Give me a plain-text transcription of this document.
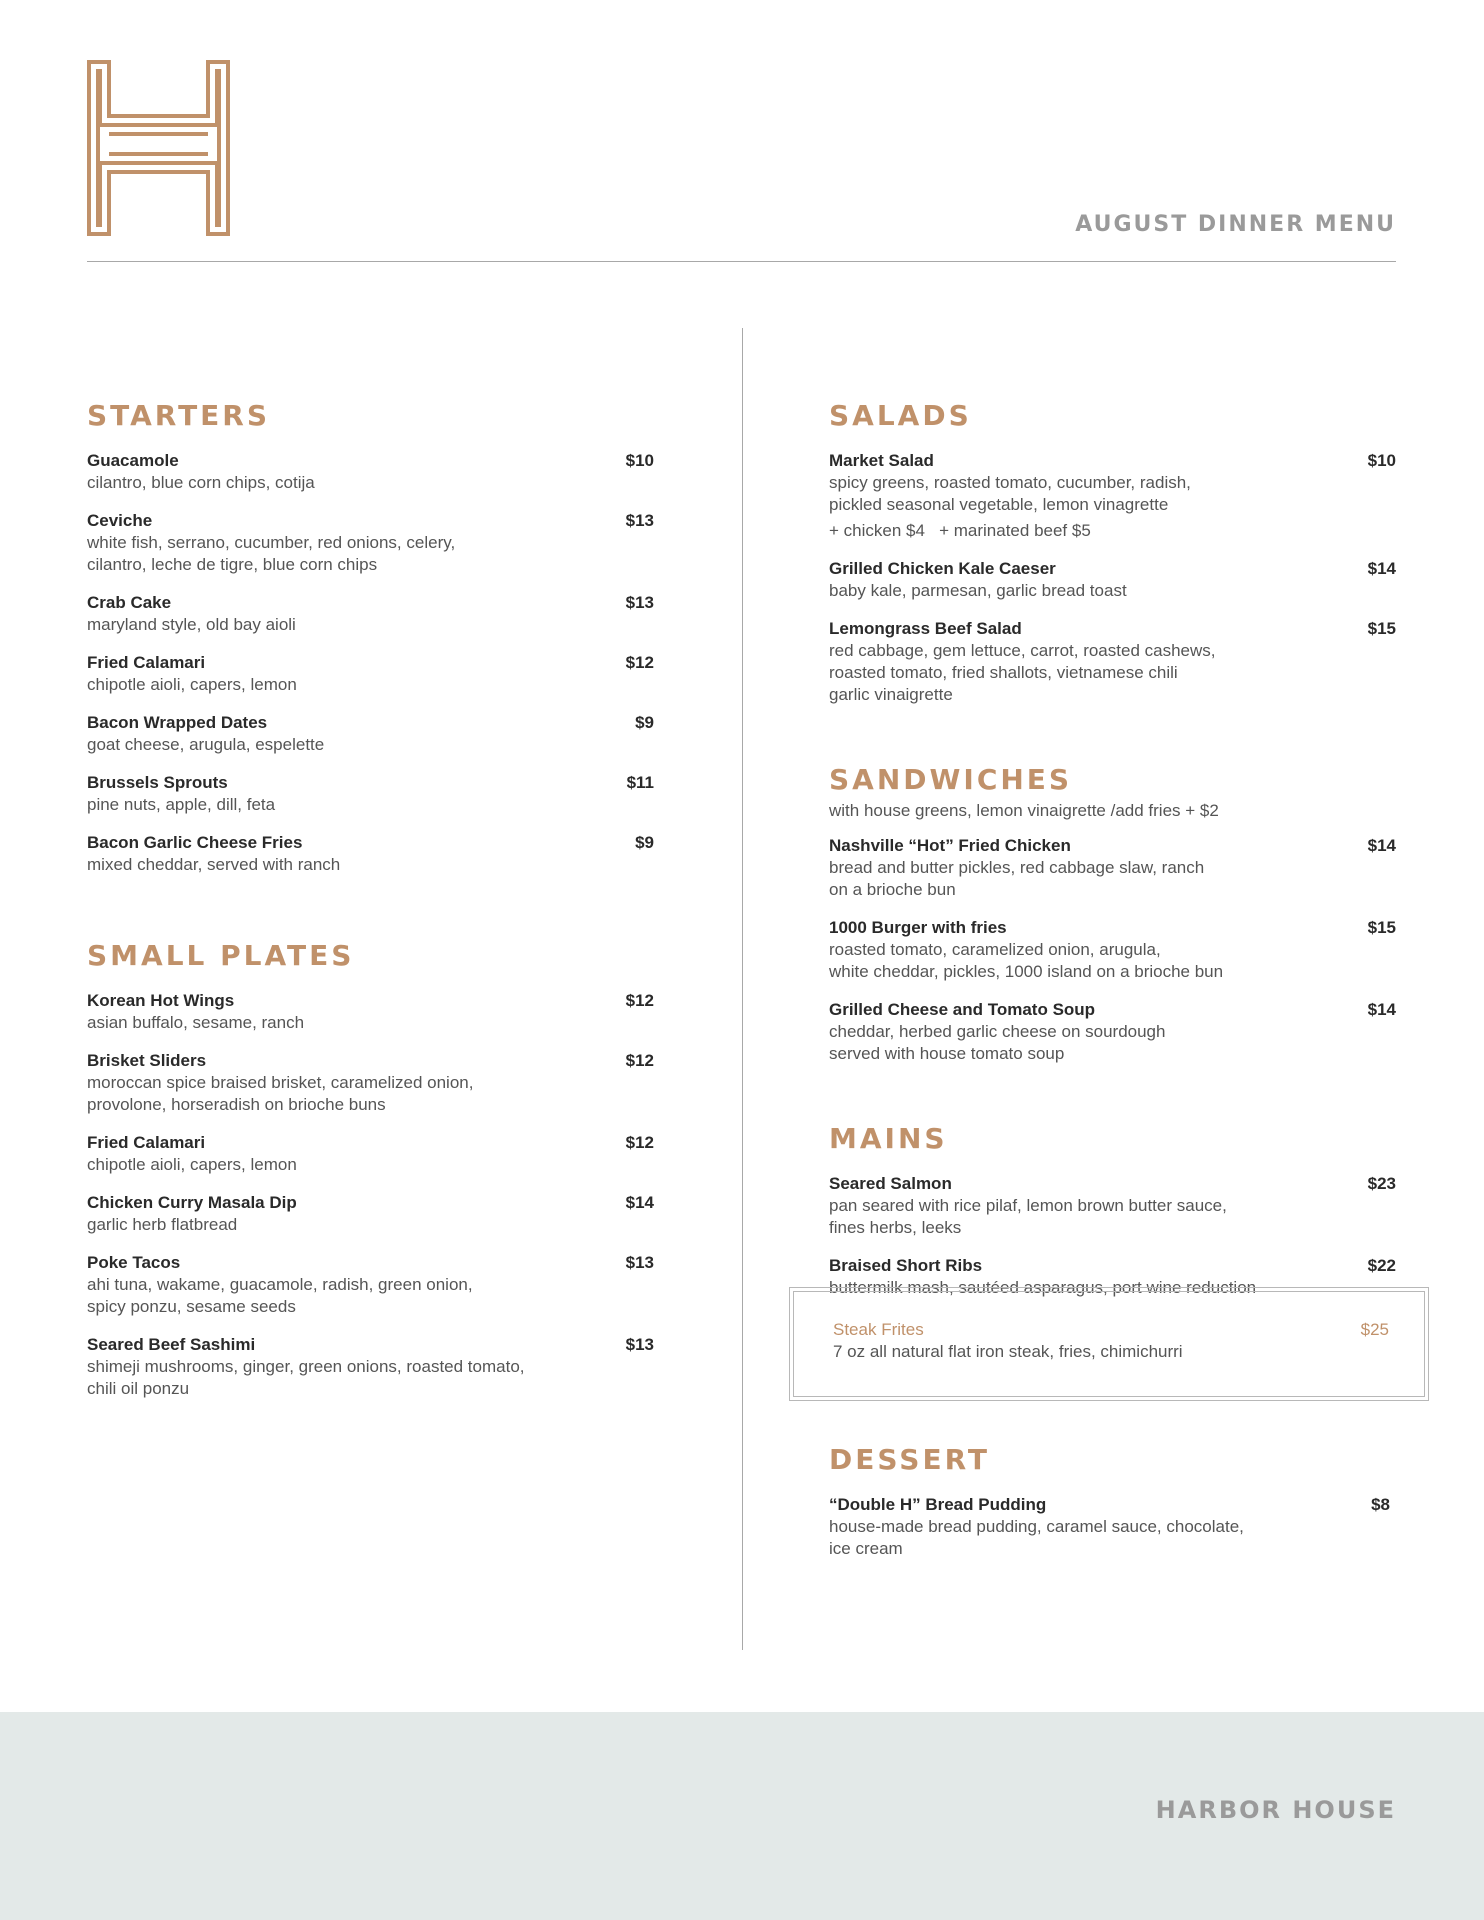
AUGUST DINNER MENU
STARTERS
Guacamole	$10
cilantro, blue corn chips, cotija
Ceviche	$13
white fish, serrano, cucumber, red onions, celery,
cilantro, leche de tigre, blue corn chips
Crab Cake	$13
maryland style, old bay aioli
Fried Calamari	$12
chipotle aioli, capers, lemon
Bacon Wrapped Dates	$9
goat cheese, arugula, espelette
Brussels Sprouts	$11
pine nuts, apple, dill, feta
Bacon Garlic Cheese Fries	$9
mixed cheddar, served with ranch
SMALL PLATES
Korean Hot Wings	$12
asian buffalo, sesame, ranch
Brisket Sliders	$12
moroccan spice braised brisket, caramelized onion,
provolone, horseradish on brioche buns
Fried Calamari	$12
chipotle aioli, capers, lemon
Chicken Curry Masala Dip	$14
garlic herb flatbread
Poke Tacos	$13
ahi tuna, wakame, guacamole, radish, green onion,
spicy ponzu, sesame seeds
Seared Beef Sashimi	$13
shimeji mushrooms, ginger, green onions, roasted tomato,
chili oil ponzu
SALADS
Market Salad	$10
spicy greens, roasted tomato, cucumber, radish,
pickled seasonal vegetable, lemon vinagrette
+ chicken $4   + marinated beef $5
Grilled Chicken Kale Caeser	$14
baby kale, parmesan, garlic bread toast
Lemongrass Beef Salad	$15
red cabbage, gem lettuce, carrot, roasted cashews,
roasted tomato, fried shallots, vietnamese chili
garlic vinaigrette
SANDWICHES
with house greens, lemon vinaigrette /add fries + $2
Nashville “Hot” Fried Chicken	$14
bread and butter pickles, red cabbage slaw, ranch
on a brioche bun
1000 Burger with fries	$15
roasted tomato, caramelized onion, arugula,
white cheddar, pickles, 1000 island on a brioche bun
Grilled Cheese and Tomato Soup	$14
cheddar, herbed garlic cheese on sourdough
served with house tomato soup
MAINS
Seared Salmon	$23
pan seared with rice pilaf, lemon brown butter sauce,
fines herbs, leeks
Braised Short Ribs	$22
buttermilk mash, sautéed asparagus, port wine reduction
Steak Frites	$25
7 oz all natural flat iron steak, fries, chimichurri
DESSERT
“Double H” Bread Pudding	$8
house-made bread pudding, caramel sauce, chocolate,
ice cream
HARBOR HOUSE
